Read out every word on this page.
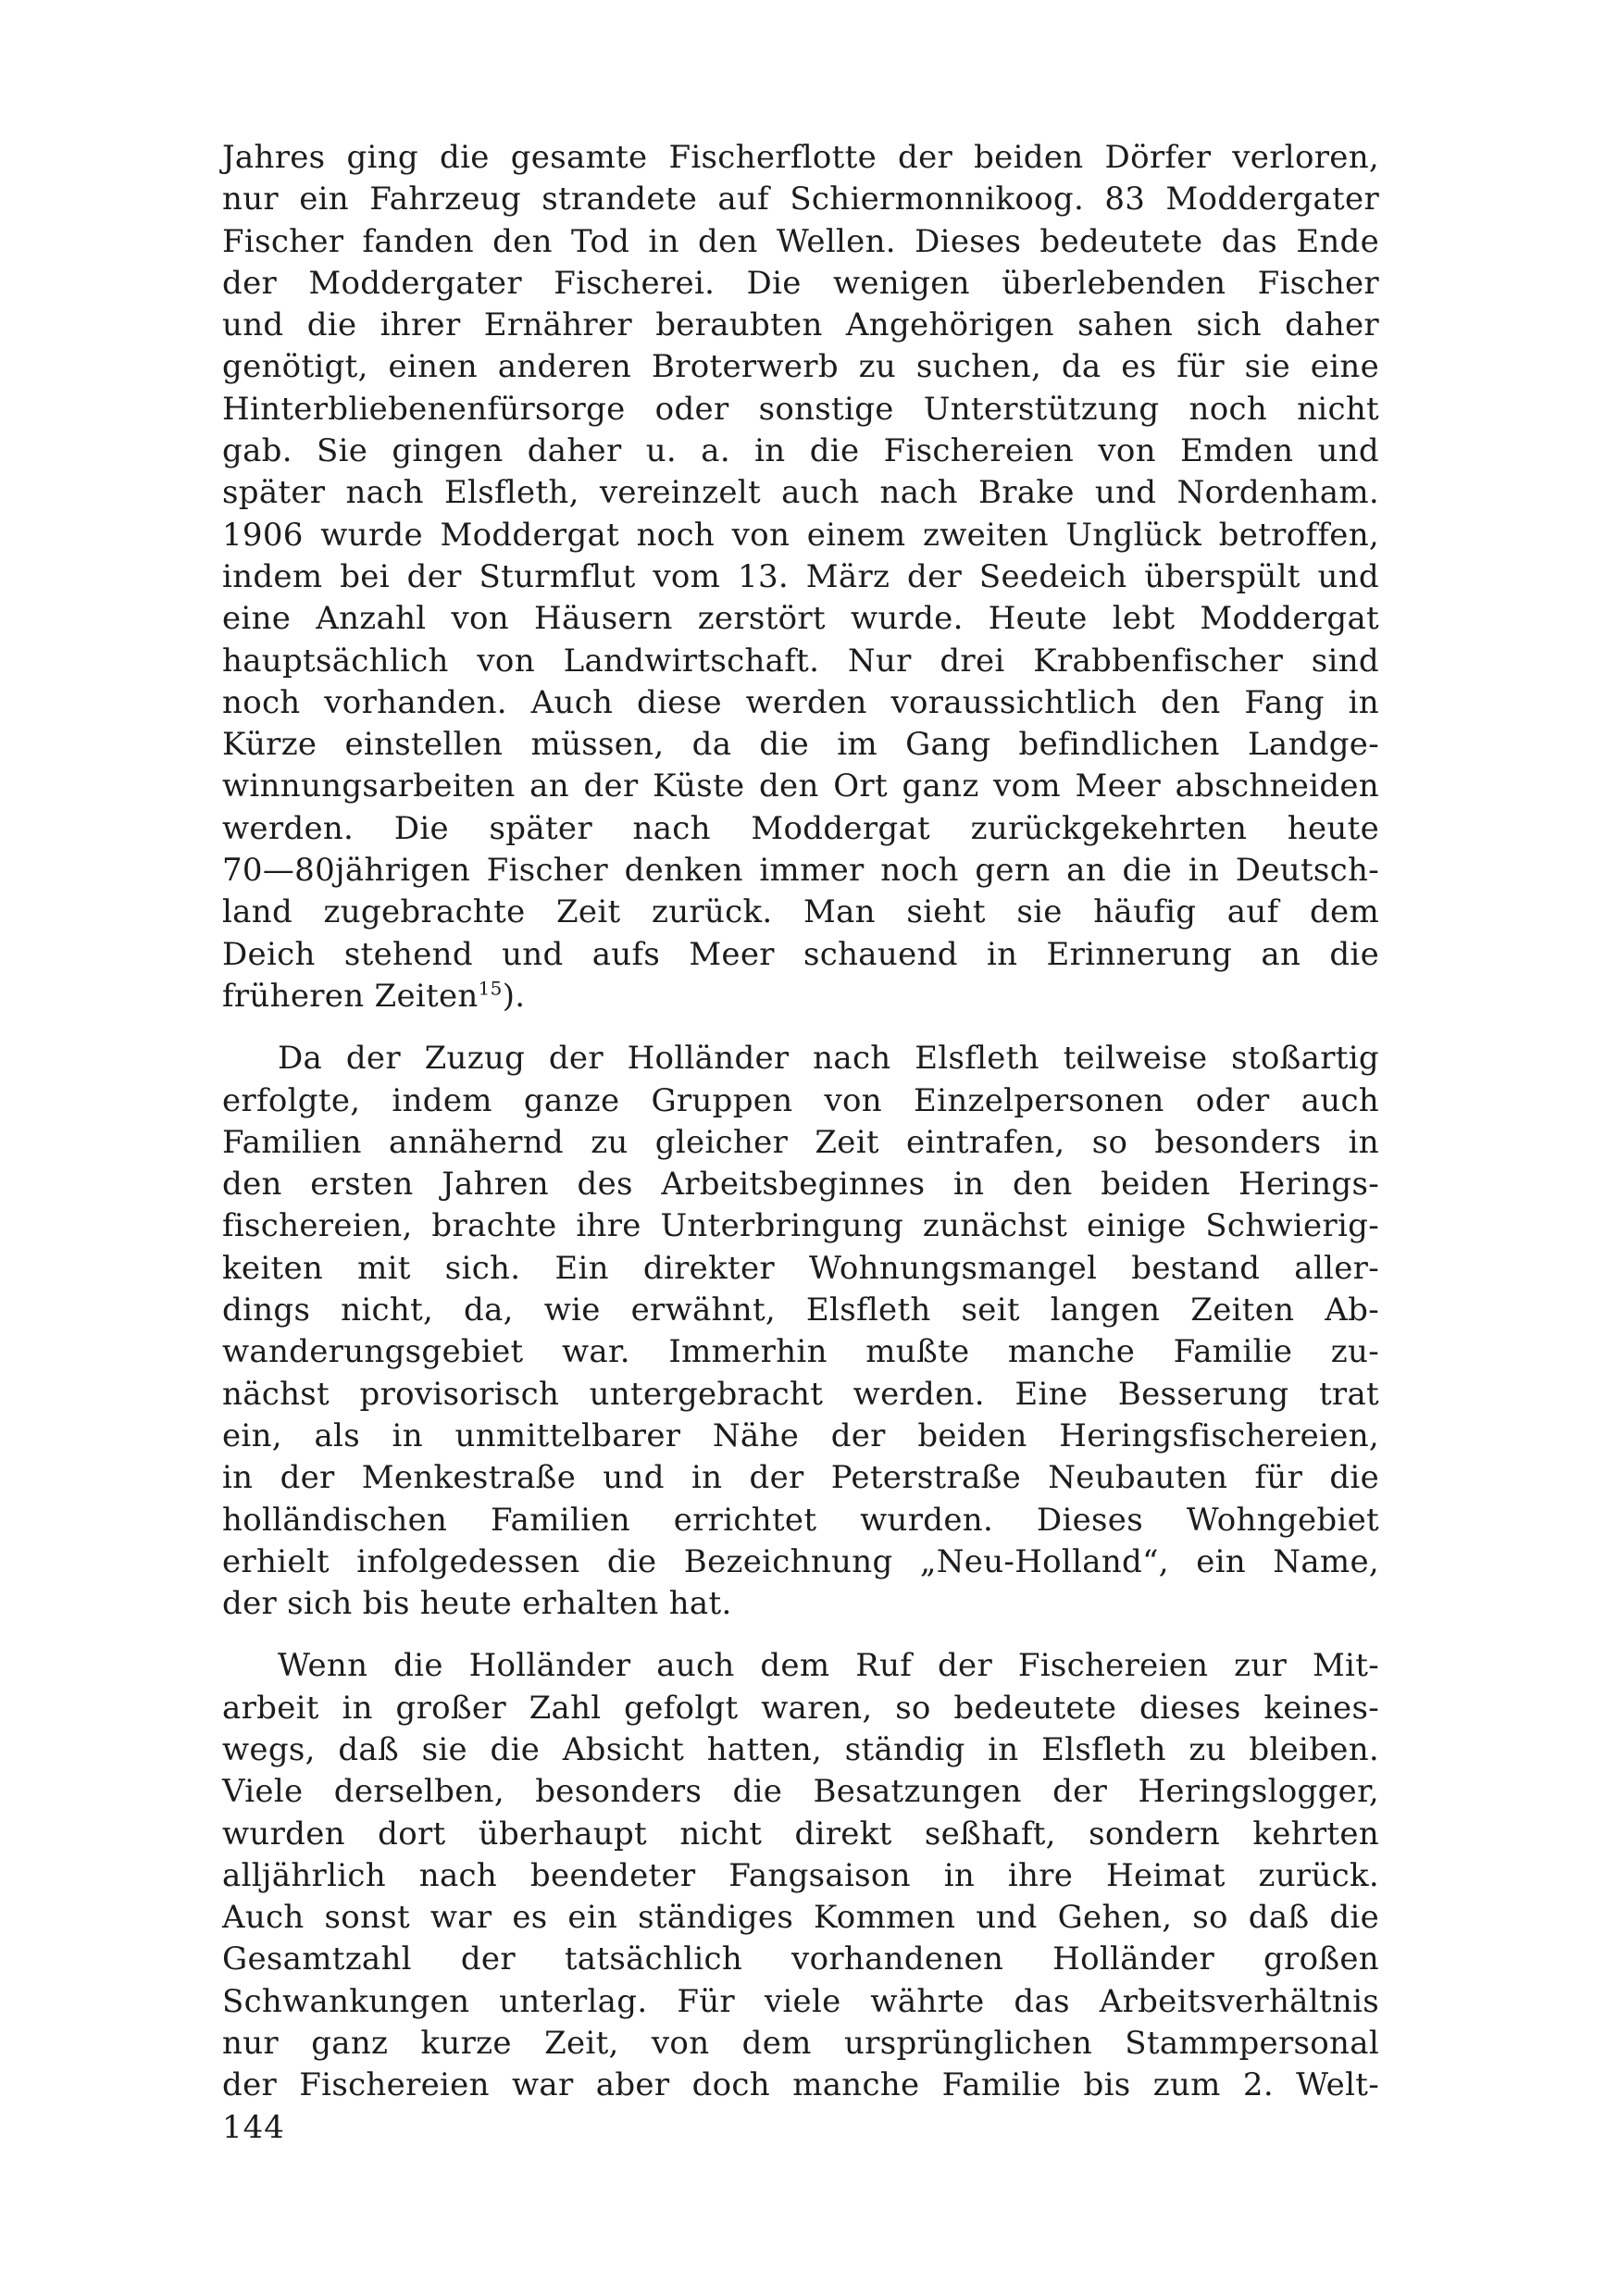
Jahres ging die gesamte Fischerflotte der beiden Dörfer verloren,
nur ein Fahrzeug strandete auf Schiermonnikoog. 83 Moddergater
Fischer fanden den Tod in den Wellen. Dieses bedeutete das Ende
der Moddergater Fischerei. Die wenigen überlebenden Fischer
und die ihrer Ernährer beraubten Angehörigen sahen sich daher
genötigt, einen anderen Broterwerb zu suchen, da es für sie eine
Hinterbliebenenfürsorge oder sonstige Unterstützung noch nicht
gab. Sie gingen daher u. a. in die Fischereien von Emden und
später nach Elsfleth, vereinzelt auch nach Brake und Nordenham.
1906 wurde Moddergat noch von einem zweiten Unglück betroffen,
indem bei der Sturmflut vom 13. März der Seedeich überspült und
eine Anzahl von Häusern zerstört wurde. Heute lebt Moddergat
hauptsächlich von Landwirtschaft. Nur drei Krabbenfischer sind
noch vorhanden. Auch diese werden voraussichtlich den Fang in
Kürze einstellen müssen, da die im Gang befindlichen Landge-
winnungsarbeiten an der Küste den Ort ganz vom Meer abschneiden
werden. Die später nach Moddergat zurückgekehrten heute
70—80jährigen Fischer denken immer noch gern an die in Deutsch-
land zugebrachte Zeit zurück. Man sieht sie häufig auf dem
Deich stehend und aufs Meer schauend in Erinnerung an die
früheren Zeiten$^{15}$).
Da der Zuzug der Holländer nach Elsfleth teilweise stoßartig
erfolgte, indem ganze Gruppen von Einzelpersonen oder auch
Familien annähernd zu gleicher Zeit eintrafen, so besonders in
den ersten Jahren des Arbeitsbeginnes in den beiden Herings-
fischereien, brachte ihre Unterbringung zunächst einige Schwierig-
keiten mit sich. Ein direkter Wohnungsmangel bestand aller-
dings nicht, da, wie erwähnt, Elsfleth seit langen Zeiten Ab-
wanderungsgebiet war. Immerhin mußte manche Familie zu-
nächst provisorisch untergebracht werden. Eine Besserung trat
ein, als in unmittelbarer Nähe der beiden Heringsfischereien,
in der Menkestraße und in der Peterstraße Neubauten für die
holländischen Familien errichtet wurden. Dieses Wohngebiet
erhielt infolgedessen die Bezeichnung „Neu-Holland“, ein Name,
der sich bis heute erhalten hat.
Wenn die Holländer auch dem Ruf der Fischereien zur Mit-
arbeit in großer Zahl gefolgt waren, so bedeutete dieses keines-
wegs, daß sie die Absicht hatten, ständig in Elsfleth zu bleiben.
Viele derselben, besonders die Besatzungen der Heringslogger,
wurden dort überhaupt nicht direkt seßhaft, sondern kehrten
alljährlich nach beendeter Fangsaison in ihre Heimat zurück.
Auch sonst war es ein ständiges Kommen und Gehen, so daß die
Gesamtzahl der tatsächlich vorhandenen Holländer großen
Schwankungen unterlag. Für viele währte das Arbeitsverhältnis
nur ganz kurze Zeit, von dem ursprünglichen Stammpersonal
der Fischereien war aber doch manche Familie bis zum 2. Welt-
144
